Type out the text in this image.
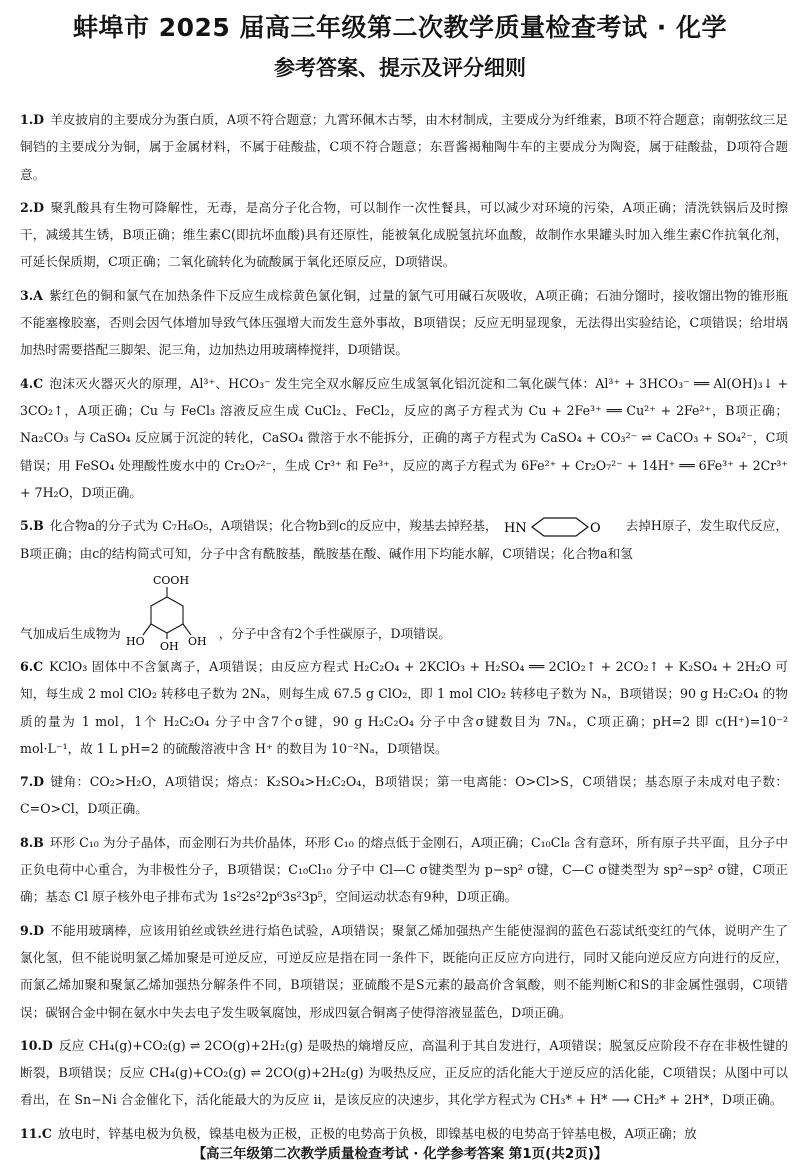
蚌埠市 2025 届高三年级第二次教学质量检查考试 · 化学
参考答案、提示及评分细则

1.D 羊皮披肩的主要成分为蛋白质，A项不符合题意；九霄环佩木古琴，由木材制成，主要成分为纤维素，B项不符合题意；南朝弦纹三足铜铛的主要成分为铜，属于金属材料，不属于硅酸盐，C项不符合题意；东晋酱褐釉陶牛车的主要成分为陶瓷，属于硅酸盐，D项符合题意。

2.D 聚乳酸具有生物可降解性，无毒，是高分子化合物，可以制作一次性餐具，可以减少对环境的污染，A项正确；清洗铁锅后及时擦干，减缓其生锈，B项正确；维生素C(即抗坏血酸)具有还原性，能被氧化成脱氢抗坏血酸，故制作水果罐头时加入维生素C作抗氧化剂，可延长保质期，C项正确；二氧化硫转化为硫酸属于氧化还原反应，D项错误。

3.A 紫红色的铜和氯气在加热条件下反应生成棕黄色氯化铜，过量的氯气可用碱石灰吸收，A项正确；石油分馏时，接收馏出物的锥形瓶不能塞橡胶塞，否则会因气体增加导致气体压强增大而发生意外事故，B项错误；反应无明显现象，无法得出实验结论，C项错误；给坩埚加热时需要搭配三脚架、泥三角，边加热边用玻璃棒搅拌，D项错误。

4.C 泡沫灭火器灭火的原理，Al³⁺、HCO₃⁻ 发生完全双水解反应生成氢氧化铝沉淀和二氧化碳气体：Al³⁺ + 3HCO₃⁻ ══ Al(OH)₃↓ + 3CO₂↑，A项正确；Cu 与 FeCl₃ 溶液反应生成 CuCl₂、FeCl₂，反应的离子方程式为 Cu + 2Fe³⁺ ══ Cu²⁺ + 2Fe²⁺，B项正确；Na₂CO₃ 与 CaSO₄ 反应属于沉淀的转化，CaSO₄ 微溶于水不能拆分，正确的离子方程式为 CaSO₄ + CO₃²⁻ ⇌ CaCO₃ + SO₄²⁻，C项错误；用 FeSO₄ 处理酸性废水中的 Cr₂O₇²⁻，生成 Cr³⁺ 和 Fe³⁺，反应的离子方程式为 6Fe²⁺ + Cr₂O₇²⁻ + 14H⁺ ══ 6Fe³⁺ + 2Cr³⁺ + 7H₂O，D项正确。

5.B 化合物a的分子式为 C₇H₆O₅，A项错误；化合物b到c的反应中，羧基去掉羟基， HN	O 去掉H原子，发生取代反应，B项正确；由c的结构简式可知，分子中含有酰胺基，酰胺基在酸、碱作用下均能水解，C项错误；化合物a和氢

气加成后生成物为
COOH
HO	OH
OH
，分子中含有2个手性碳原子，D项错误。

6.C KClO₃ 固体中不含氯离子，A项错误；由反应方程式 H₂C₂O₄ + 2KClO₃ + H₂SO₄ ══ 2ClO₂↑ + 2CO₂↑ + K₂SO₄ + 2H₂O 可知，每生成 2 mol ClO₂ 转移电子数为 2Nₐ，则每生成 67.5 g ClO₂，即 1 mol ClO₂ 转移电子数为 Nₐ，B项错误；90 g H₂C₂O₄ 的物质的量为 1 mol，1个 H₂C₂O₄ 分子中含7个σ键，90 g H₂C₂O₄ 分子中含σ键数目为 7Nₐ，C项正确；pH=2 即 c(H⁺)=10⁻² mol·L⁻¹，故 1 L pH=2 的硫酸溶液中含 H⁺ 的数目为 10⁻²Nₐ，D项错误。

7.D 键角：CO₂>H₂O，A项错误；熔点：K₂SO₄>H₂C₂O₄，B项错误；第一电离能：O>Cl>S，C项错误；基态原子未成对电子数：C=O>Cl，D项正确。

8.B 环形 C₁₀ 为分子晶体，而金刚石为共价晶体，环形 C₁₀ 的熔点低于金刚石，A项正确；C₁₀Cl₈ 含有意环，所有原子共平面，且分子中正负电荷中心重合，为非极性分子，B项错误；C₁₀Cl₁₀ 分子中 Cl—C σ键类型为 p−sp² σ键，C—C σ键类型为 sp²−sp² σ键，C项正确；基态 Cl 原子核外电子排布式为 1s²2s²2p⁶3s²3p⁵，空间运动状态有9种，D项正确。

9.D 不能用玻璃棒，应该用铂丝或铁丝进行焰色试验，A项错误；聚氯乙烯加强热产生能使湿润的蓝色石蕊试纸变红的气体，说明产生了氯化氢，但不能说明氯乙烯加聚是可逆反应，可逆反应是指在同一条件下，既能向正反应方向进行，同时又能向逆反应方向进行的反应，而氯乙烯加聚和聚氯乙烯加强热分解条件不同，B项错误；亚硫酸不是S元素的最高价含氧酸，则不能判断C和S的非金属性强弱，C项错误；碳钢合金中铜在氨水中失去电子发生吸氧腐蚀，形成四氨合铜离子使得溶液显蓝色，D项正确。

10.D 反应 CH₄(g)+CO₂(g) ⇌ 2CO(g)+2H₂(g) 是吸热的熵增反应，高温利于其自发进行，A项错误；脱氢反应阶段不存在非极性键的断裂，B项错误；反应 CH₄(g)+CO₂(g) ⇌ 2CO(g)+2H₂(g) 为吸热反应，正反应的活化能大于逆反应的活化能，C项错误；从图中可以看出，在 Sn−Ni 合金催化下，活化能最大的为反应 ⅱ，是该反应的决速步，其化学方程式为 CH₃* + H* ⟶ CH₂* + 2H*，D项正确。

11.C 放电时，锌基电极为负极，镍基电极为正极，正极的电势高于负极，即镍基电极的电势高于锌基电极，A项正确；放

【高三年级第二次教学质量检查考试 · 化学参考答案 第1页(共2页)】
